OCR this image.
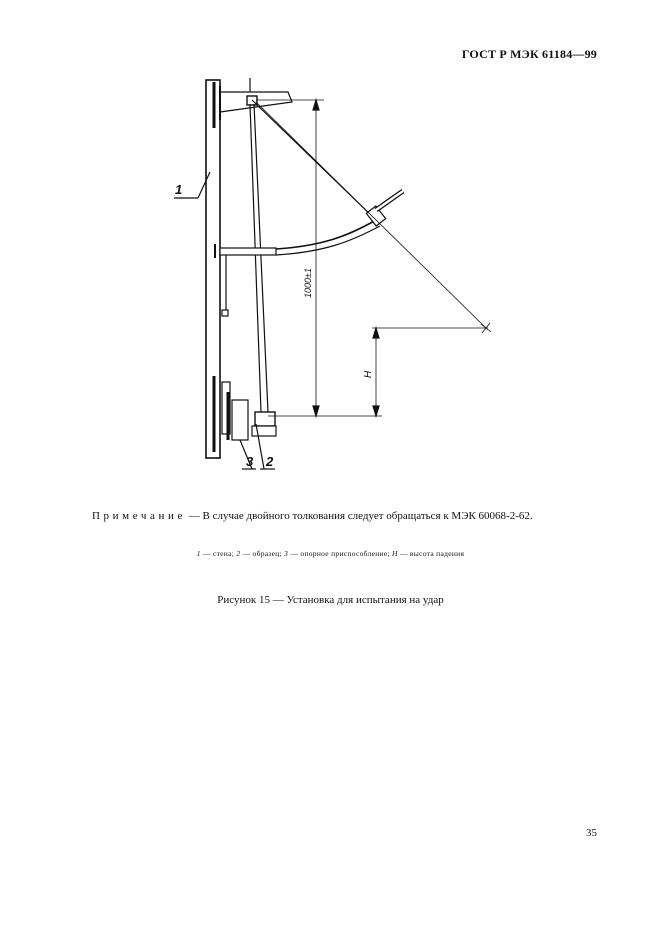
ГОСТ Р МЭК 61184—99
1
3 2
1000±1
H
Примечание — В случае двойного толкования следует обращаться к МЭК 60068-2-62.
1 — стена; 2 — образец; 3 — опорное приспособление; H — высота падения
Рисунок 15 — Установка для испытания на удар
35
